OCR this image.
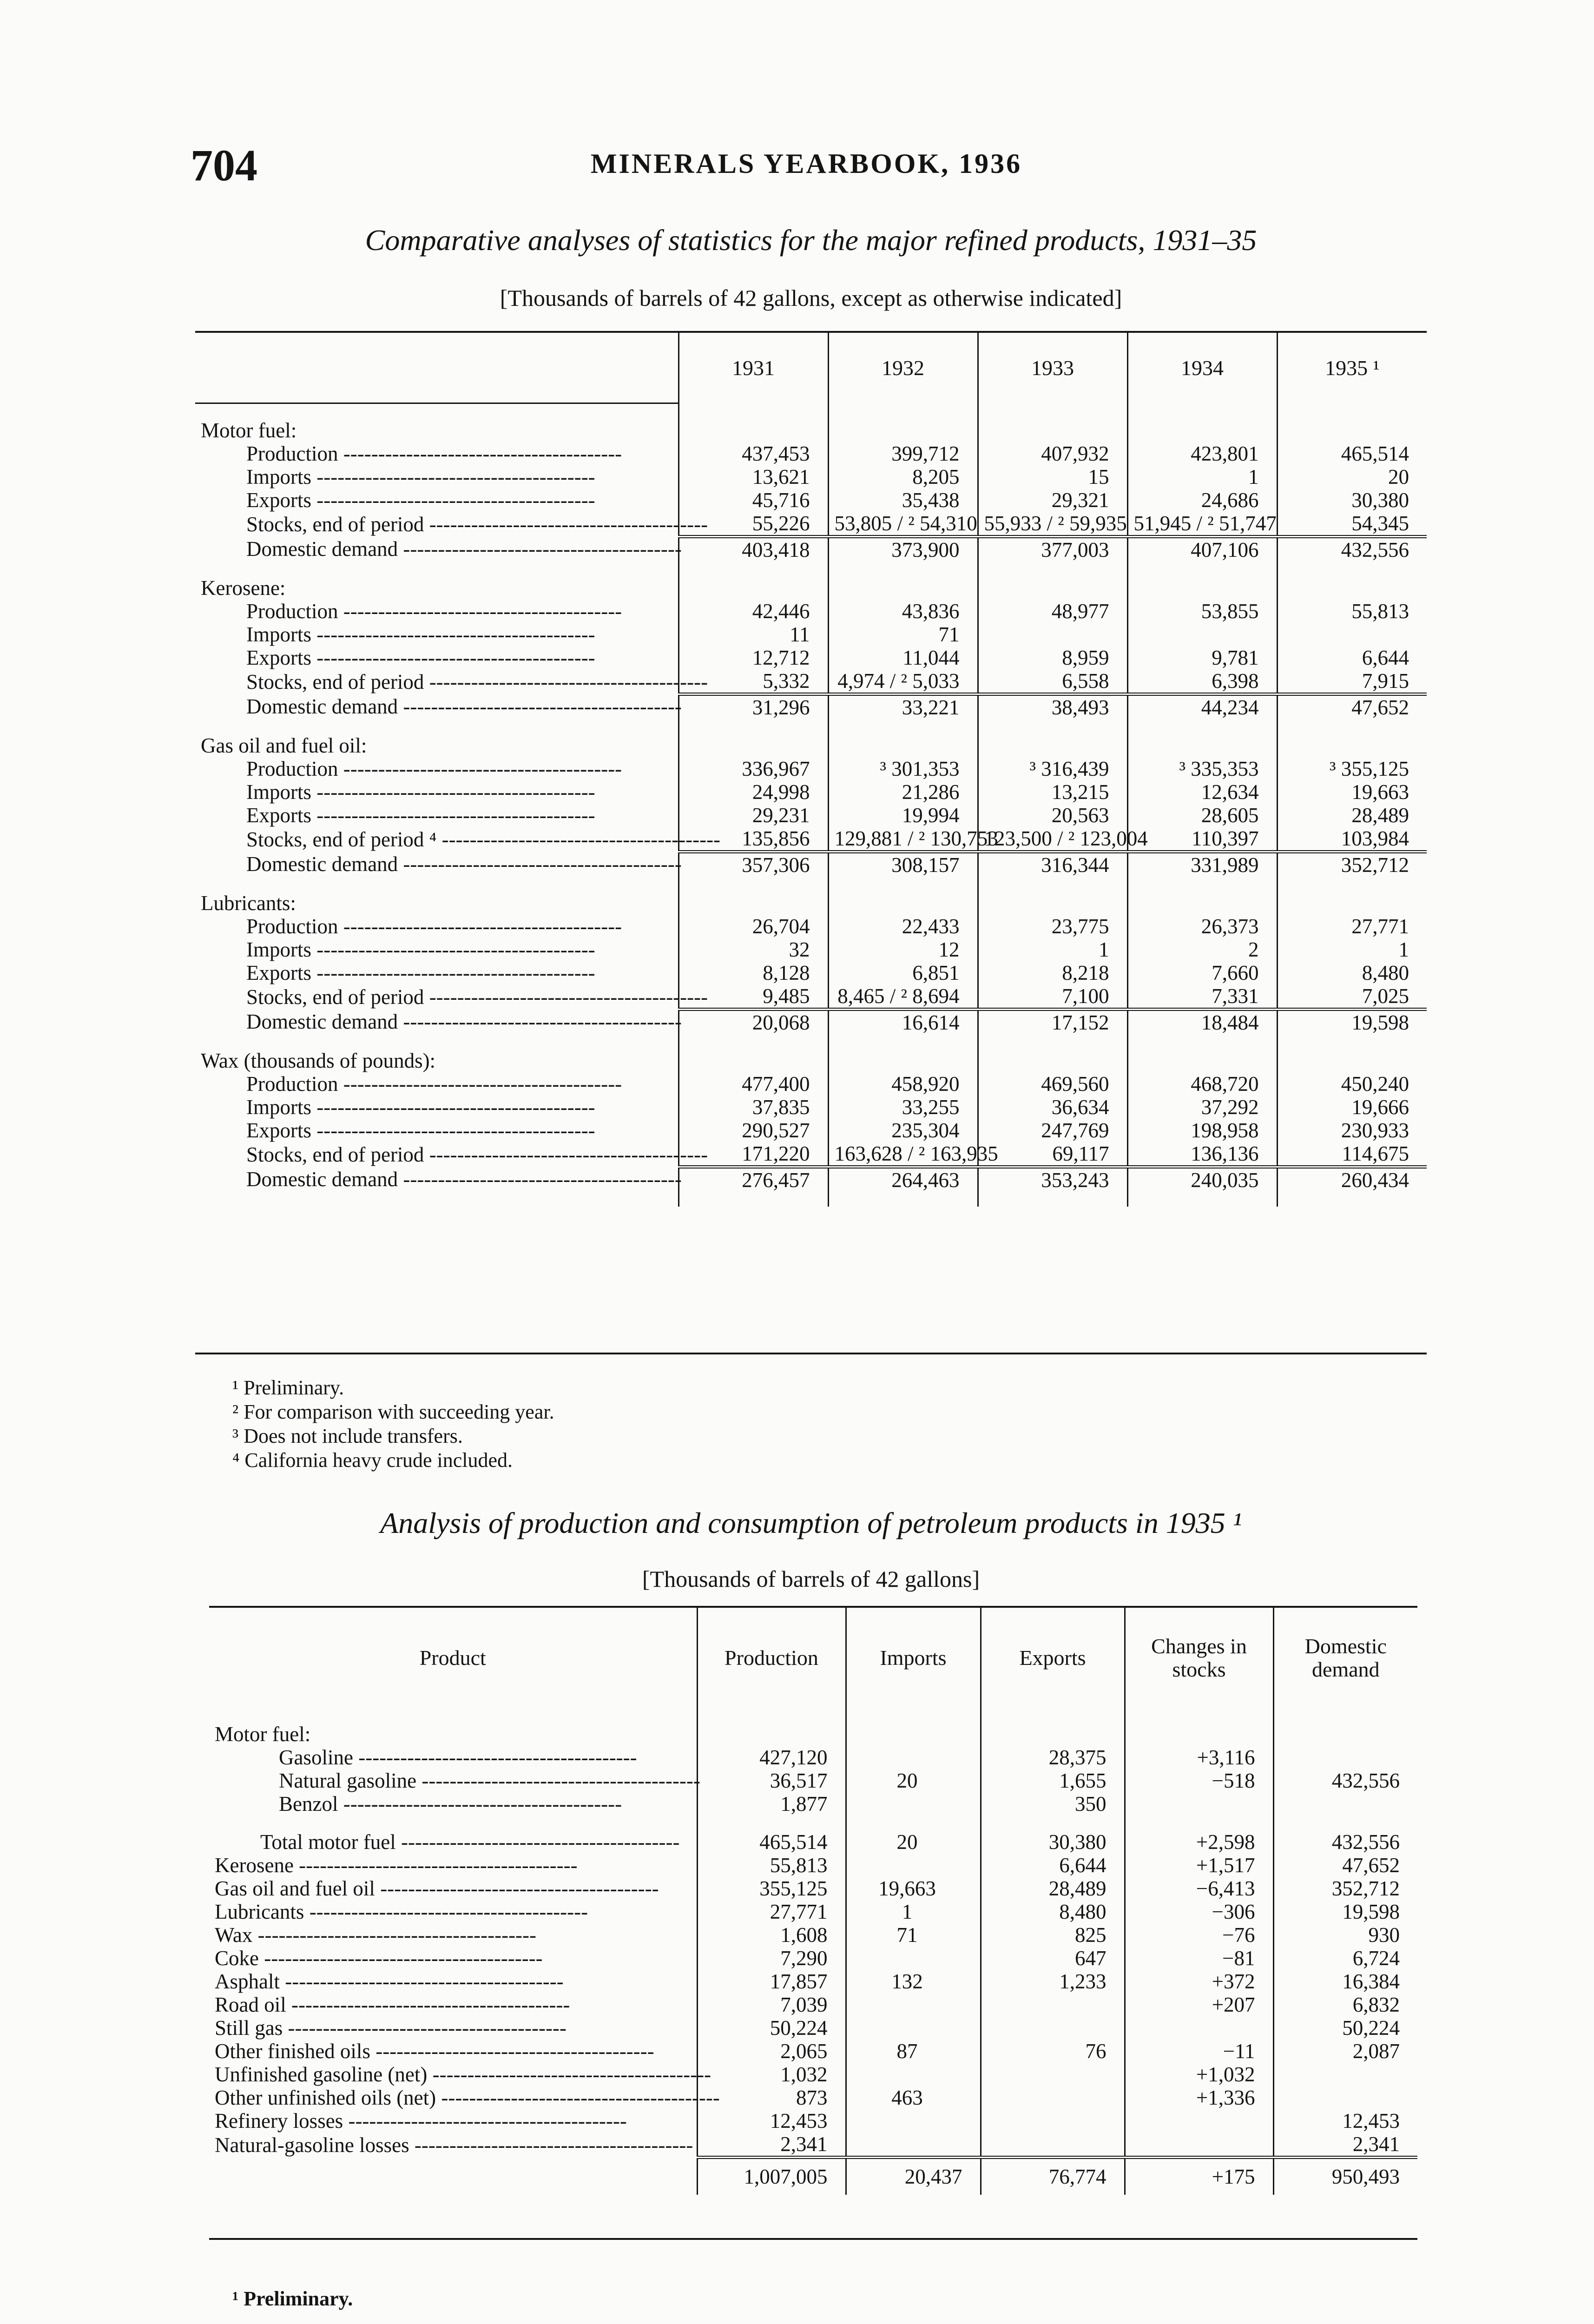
704	MINERALS YEARBOOK, 1936
Comparative analyses of statistics for the major refined products, 1931–35
[Thousands of barrels of 42 gallons, except as otherwise indicated]
	1931	1932	1933	1934	1935 ¹

Motor fuel:					
Production ----------------------------------------	437,453	399,712	407,932	423,801	465,514
Imports ----------------------------------------	13,621	8,205	15	1	20
Exports ----------------------------------------	45,716	35,438	29,321	24,686	30,380
Stocks, end of period ----------------------------------------	55,226	53,805 / ² 54,310	55,933 / ² 59,935	51,945 / ² 51,747	54,345
Domestic demand ----------------------------------------	403,418	373,900	377,003	407,106	432,556

Kerosene:					
Production ----------------------------------------	42,446	43,836	48,977	53,855	55,813
Imports ----------------------------------------	11	71			
Exports ----------------------------------------	12,712	11,044	8,959	9,781	6,644
Stocks, end of period ----------------------------------------	5,332	4,974 / ² 5,033	6,558	6,398	7,915
Domestic demand ----------------------------------------	31,296	33,221	38,493	44,234	47,652

Gas oil and fuel oil:					
Production ----------------------------------------	336,967	³ 301,353	³ 316,439	³ 335,353	³ 355,125
Imports ----------------------------------------	24,998	21,286	13,215	12,634	19,663
Exports ----------------------------------------	29,231	19,994	20,563	28,605	28,489
Stocks, end of period ⁴ ----------------------------------------	135,856	129,881 / ² 130,753	123,500 / ² 123,004	110,397	103,984
Domestic demand ----------------------------------------	357,306	308,157	316,344	331,989	352,712

Lubricants:					
Production ----------------------------------------	26,704	22,433	23,775	26,373	27,771
Imports ----------------------------------------	32	12	1	2	1
Exports ----------------------------------------	8,128	6,851	8,218	7,660	8,480
Stocks, end of period ----------------------------------------	9,485	8,465 / ² 8,694	7,100	7,331	7,025
Domestic demand ----------------------------------------	20,068	16,614	17,152	18,484	19,598

Wax (thousands of pounds):					
Production ----------------------------------------	477,400	458,920	469,560	468,720	450,240
Imports ----------------------------------------	37,835	33,255	36,634	37,292	19,666
Exports ----------------------------------------	290,527	235,304	247,769	198,958	230,933
Stocks, end of period ----------------------------------------	171,220	163,628 / ² 163,935	69,117	136,136	114,675
Domestic demand ----------------------------------------	276,457	264,463	353,243	240,035	260,434

¹ Preliminary.
² For comparison with succeeding year.
³ Does not include transfers.
⁴ California heavy crude included.
Analysis of production and consumption of petroleum products in 1935 ¹
[Thousands of barrels of 42 gallons]
Product	Production	Imports	Exports	Changes in stocks	Domestic demand

Motor fuel:					
Gasoline ----------------------------------------	427,120		28,375	+3,116	
Natural gasoline ----------------------------------------	36,517	20	1,655	−518	432,556
Benzol ----------------------------------------	1,877		350		

Total motor fuel ----------------------------------------	465,514	20	30,380	+2,598	432,556
Kerosene ----------------------------------------	55,813		6,644	+1,517	47,652
Gas oil and fuel oil ----------------------------------------	355,125	19,663	28,489	−6,413	352,712
Lubricants ----------------------------------------	27,771	1	8,480	−306	19,598
Wax ----------------------------------------	1,608	71	825	−76	930
Coke ----------------------------------------	7,290		647	−81	6,724
Asphalt ----------------------------------------	17,857	132	1,233	+372	16,384
Road oil ----------------------------------------	7,039			+207	6,832
Still gas ----------------------------------------	50,224				50,224
Other finished oils ----------------------------------------	2,065	87	76	−11	2,087
Unfinished gasoline (net) ----------------------------------------	1,032			+1,032	
Other unfinished oils (net) ----------------------------------------	873	463		+1,336	
Refinery losses ----------------------------------------	12,453				12,453
Natural-gasoline losses ----------------------------------------	2,341				2,341
	1,007,005	20,437	76,774	+175	950,493
¹ Preliminary.
